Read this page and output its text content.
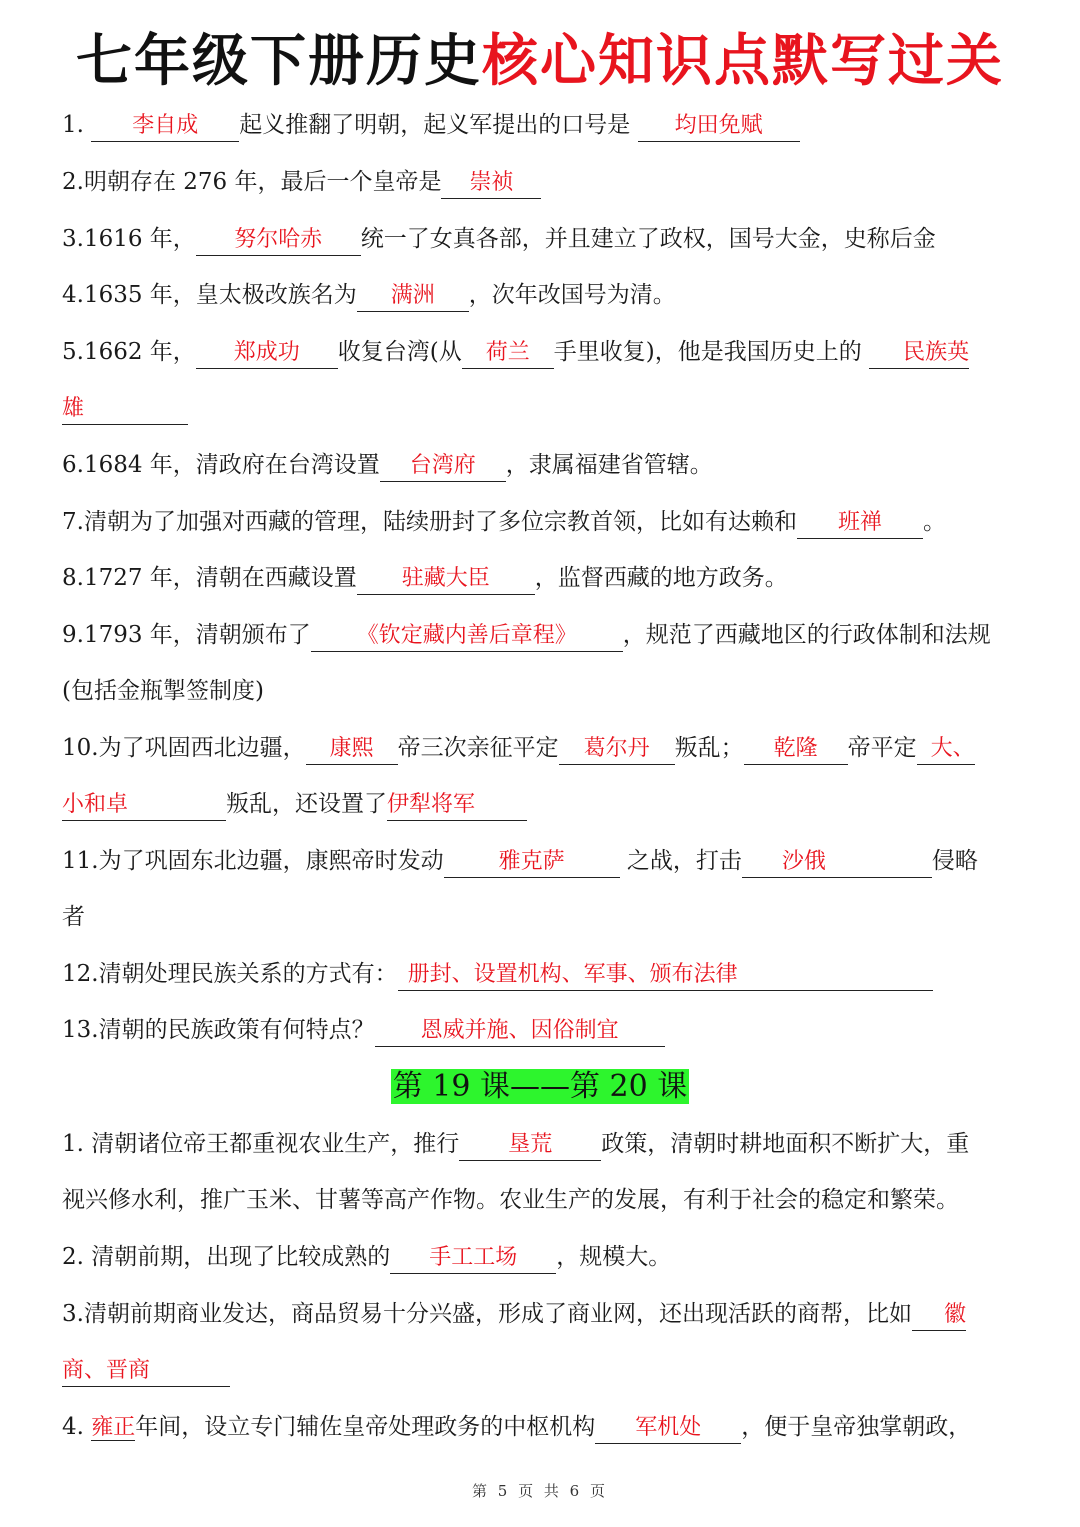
七年级下册历史核心知识点默写过关
1. 李自成 起义推翻了明朝，起义军提出的口号是 均田免赋
2.明朝存在 276 年，最后一个皇帝是 崇祯
3.1616 年， 努尔哈赤 统一了女真各部，并且建立了政权，国号大金，史称后金
4.1635 年，皇太极改族名为 满洲 ，次年改国号为清。
5.1662 年， 郑成功 收复台湾(从 荷兰 手里收复)，他是我国历史上的 民族英
雄
6.1684 年，清政府在台湾设置 台湾府 ，隶属福建省管辖。
7.清朝为了加强对西藏的管理，陆续册封了多位宗教首领，比如有达赖和 班禅 。
8.1727 年，清朝在西藏设置 驻藏大臣 ，监督西藏的地方政务。
9.1793 年，清朝颁布了 《钦定藏内善后章程》 ，规范了西藏地区的行政体制和法规
(包括金瓶掣签制度)
10.为了巩固西北边疆， 康熙 帝三次亲征平定 葛尔丹 叛乱； 乾隆 帝平定 大、
小和卓	叛乱，还设置了伊犁将军
11.为了巩固东北边疆，康熙帝时发动 雅克萨	之战，打击 沙俄	侵略
者
12.清朝处理民族关系的方式有： 册封、设置机构、军事、颁布法律
13.清朝的民族政策有何特点？ 恩威并施、因俗制宜
第 19 课——第 20 课
1. 清朝诸位帝王都重视农业生产，推行 垦荒 政策，清朝时耕地面积不断扩大，重
视兴修水利，推广玉米、甘薯等高产作物。农业生产的发展，有利于社会的稳定和繁荣。
2. 清朝前期，出现了比较成熟的 手工工场 ，规模大。
3.清朝前期商业发达，商品贸易十分兴盛，形成了商业网，还出现活跃的商帮，比如 徽
商、晋商
4. 雍正年间，设立专门辅佐皇帝处理政务的中枢机构 军机处 ，便于皇帝独掌朝政，
第 5 页 共 6 页
